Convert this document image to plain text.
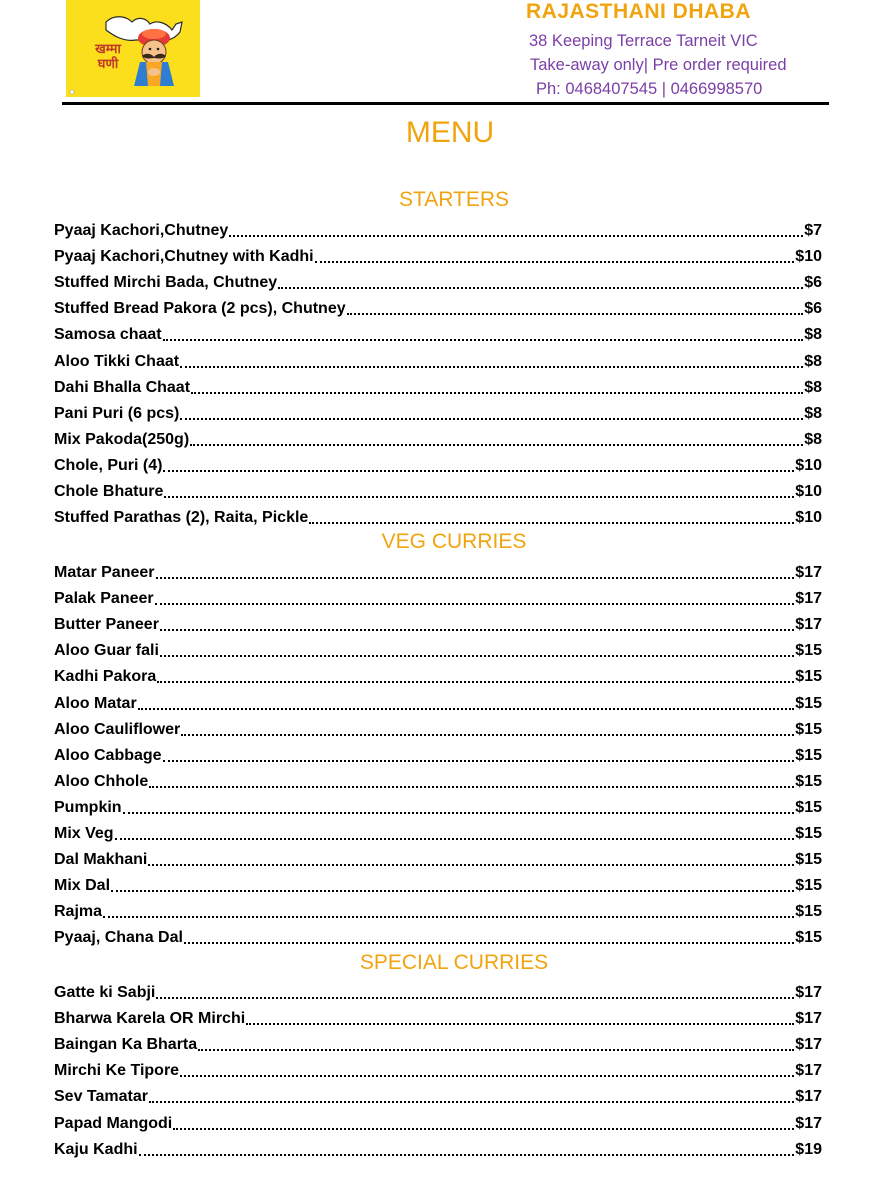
खम्मा घणी
RAJASTHANI DHABA
38 Keeping Terrace Tarneit VIC
Take-away only| Pre order required
Ph: 0468407545 | 0466998570
MENU
STARTERS
Pyaaj Kachori,Chutney	$7
Pyaaj Kachori,Chutney with Kadhi	$10
Stuffed Mirchi Bada, Chutney	$6
Stuffed Bread Pakora (2 pcs), Chutney	$6
Samosa chaat	$8
Aloo Tikki Chaat	$8
Dahi Bhalla Chaat	$8
Pani Puri (6 pcs)	$8
Mix Pakoda(250g)	$8
Chole, Puri (4)	$10
Chole Bhature	$10
Stuffed Parathas (2), Raita, Pickle	$10
VEG CURRIES
Matar Paneer	$17
Palak Paneer	$17
Butter Paneer	$17
Aloo Guar fali	$15
Kadhi Pakora	$15
Aloo Matar	$15
Aloo Cauliflower	$15
Aloo Cabbage	$15
Aloo Chhole	$15
Pumpkin	$15
Mix Veg	$15
Dal Makhani	$15
Mix Dal	$15
Rajma	$15
Pyaaj, Chana Dal	$15
SPECIAL CURRIES
Gatte ki Sabji	$17
Bharwa Karela OR Mirchi	$17
Baingan Ka Bharta	$17
Mirchi Ke Tipore	$17
Sev Tamatar	$17
Papad Mangodi	$17
Kaju Kadhi	$19
